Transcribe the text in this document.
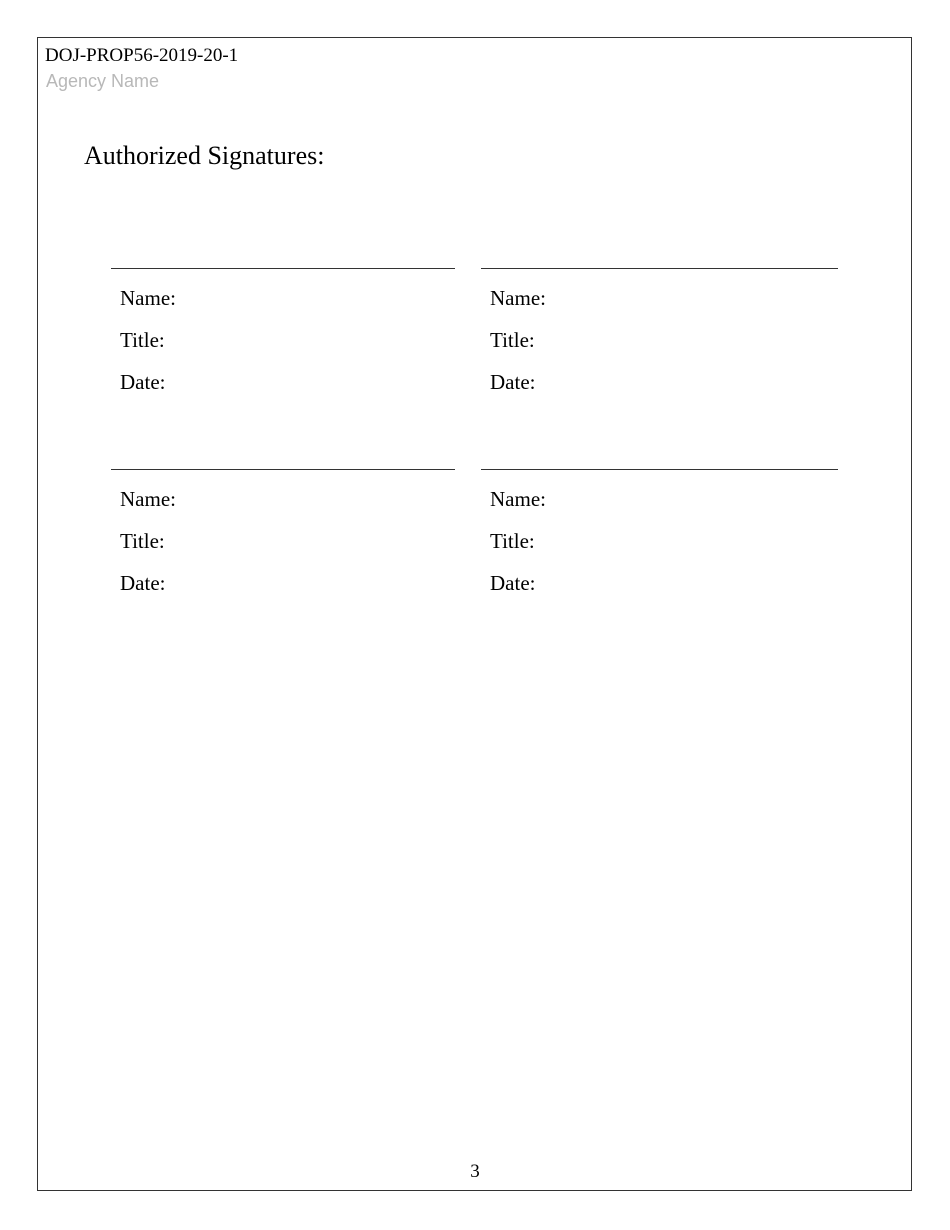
DOJ-PROP56-2019-20-1
Agency Name
Authorized Signatures:
Name:
Title:
Date:
Name:
Title:
Date:
Name:
Title:
Date:
Name:
Title:
Date:
3
